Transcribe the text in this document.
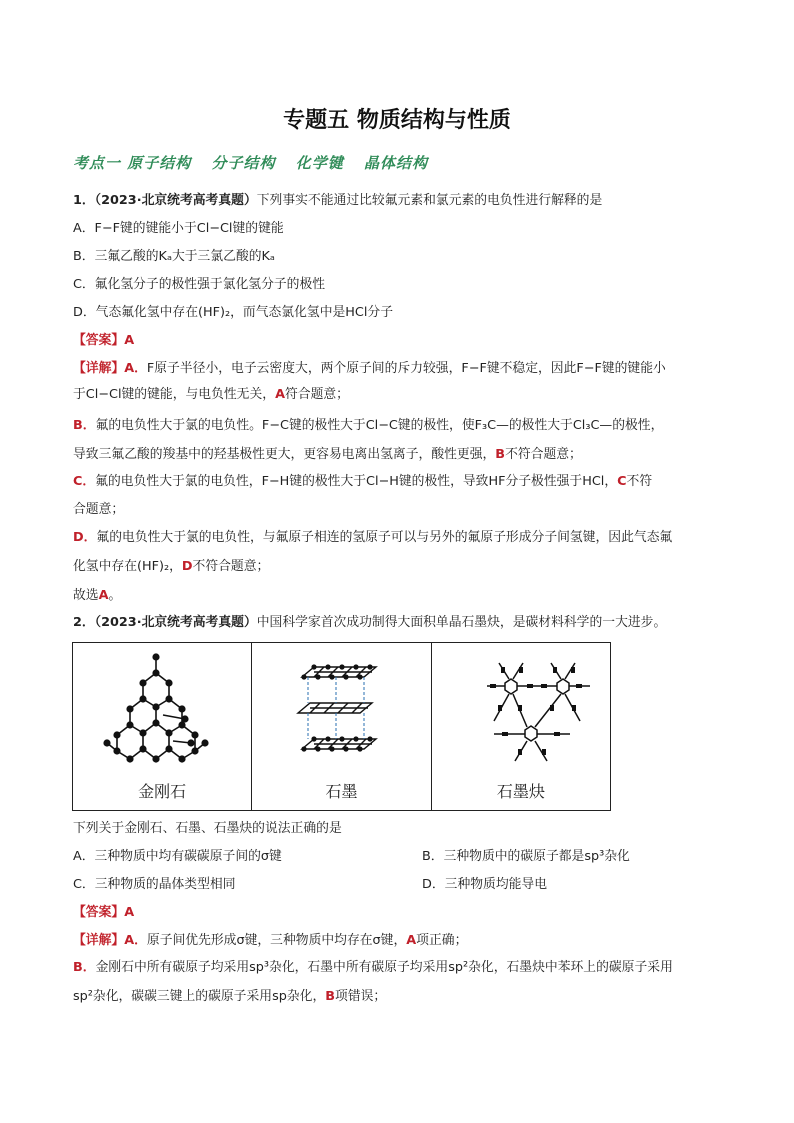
专题五 物质结构与性质
考点一 原子结构 分子结构 化学键 晶体结构
1．（2023·北京统考高考真题）下列事实不能通过比较氟元素和氯元素的电负性进行解释的是
A．F−F键的键能小于Cl−Cl键的键能
B．三氟乙酸的Kₐ大于三氯乙酸的Kₐ
C．氟化氢分子的极性强于氯化氢分子的极性
D．气态氟化氢中存在(HF)₂，而气态氯化氢中是HCl分子
【答案】A
【详解】A．F原子半径小，电子云密度大，两个原子间的斥力较强，F−F键不稳定，因此F−F键的键能小
于Cl−Cl键的键能，与电负性无关，A符合题意；
B．氟的电负性大于氯的电负性。F−C键的极性大于Cl−C键的极性，使F₃C—的极性大于Cl₃C—的极性，
导致三氟乙酸的羧基中的羟基极性更大，更容易电离出氢离子，酸性更强，B不符合题意；
C．氟的电负性大于氯的电负性，F−H键的极性大于Cl−H键的极性，导致HF分子极性强于HCl，C不符
合题意；
D．氟的电负性大于氯的电负性，与氟原子相连的氢原子可以与另外的氟原子形成分子间氢键，因此气态氟
化氢中存在(HF)₂，D不符合题意；
故选A。
2．（2023·北京统考高考真题）中国科学家首次成功制得大面积单晶石墨炔，是碳材料科学的一大进步。
金刚石	石墨	石墨炔
下列关于金刚石、石墨、石墨炔的说法正确的是
A．三种物质中均有碳碳原子间的σ键	B．三种物质中的碳原子都是sp³杂化
C．三种物质的晶体类型相同	D．三种物质均能导电
【答案】A
【详解】A．原子间优先形成σ键，三种物质中均存在σ键，A项正确；
B．金刚石中所有碳原子均采用sp³杂化，石墨中所有碳原子均采用sp²杂化，石墨炔中苯环上的碳原子采用
sp²杂化，碳碳三键上的碳原子采用sp杂化，B项错误；
